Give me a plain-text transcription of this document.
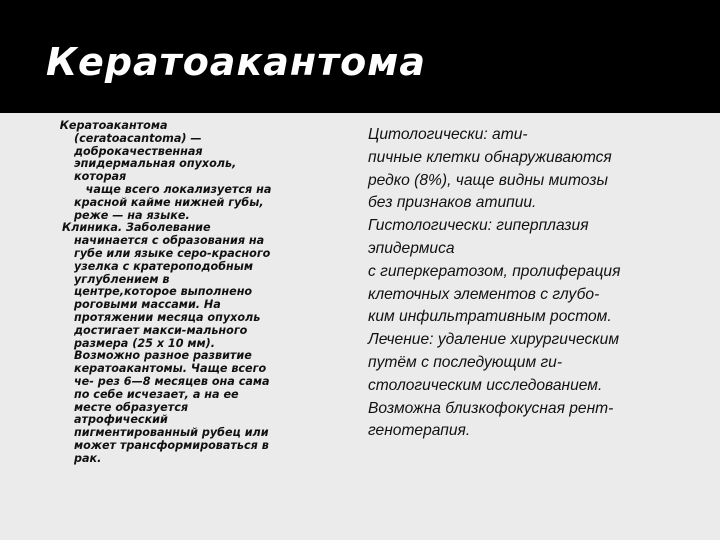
Кератоакантома

Кератоакантома

(ceratoacantoma) —

доброкачественная

эпидермальная опухоль,

которая

чаще всего локализуется на

красной кайме нижней губы,

реже — на языке.

Клиника. Заболевание

начинается с образования на

губе или языке серо-красного

узелка с кратероподобным

углублением в

центре,которое выполнено

роговыми массами. На

протяжении месяца опухоль

достигает макси-мального

размера (25 х 10 мм).

Возможно разное развитие

кератоакантомы. Чаще всего

че- рез 6—8 месяцев она сама

по себе исчезает, а на ее

месте образуется

атрофический

пигментированный рубец или

может трансформироваться в

рак.

Цитологически: ати-

пичные клетки обнаруживаются

редко (8%), чаще видны митозы

без признаков атипии.

Гистологически: гиперплазия

эпидермиса

с гиперкератозом, пролиферация

клеточных элементов с глубо-

ким инфильтративным ростом.

Лечение: удаление хирургическим

путём с последующим ги-

стологическим исследованием.

Возможна близкофокусная рент-

генотерапия.
